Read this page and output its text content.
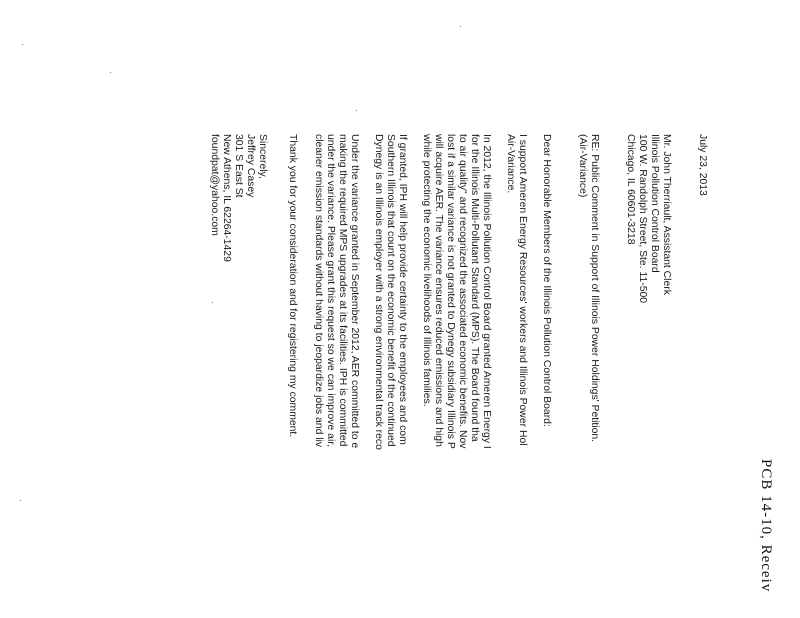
PCB 14-10, Receiv
July 23, 2013
Mr. John Therriault, Assistant Clerk
Illinois Pollution Control Board
100 W. Randolph Street, Ste. 11-500
Chicago, IL 60601-3218
RE: Public Comment in Support of Illinois Power Holdings' Petition.
(Air-Variance)
Dear Honorable Members of the Illinois Pollution Control Board:
I support Ameren Energy Resources' workers and Illinois Power Hol
Air-Variance.
In 2012, the Illinois Pollution Control Board granted Ameren Energy I
for the Illinois Multi-Pollutant Standard (MPS). The Board found tha
to air quality" and recognized the associated economic benefits. Nov
lost if a similar variance is not granted to Dynegy subsidiary Illinois P
will acquire AER. The variance ensures reduced emissions and high
while protecting the economic livelihoods of Illinois families.
If granted, IPH will help provide certainty to the employees and com
Southern Illinois that count on the economic benefit of the continued
Dynegy is an Illinois employer with a strong environmental track reco
Under the variance granted in September 2012, AER committed to e
making the required MPS upgrades at its facilities. IPH is committed
under the variance. Please grant this request so we can improve air,
cleaner emission standards without having to jeopardize jobs and liv
Thank you for your consideration and for registering my comment.
Sincerely,
Jeffrey Casey
301 S East St
New Athens, IL 62264-1429
foundpat@yahoo.com
